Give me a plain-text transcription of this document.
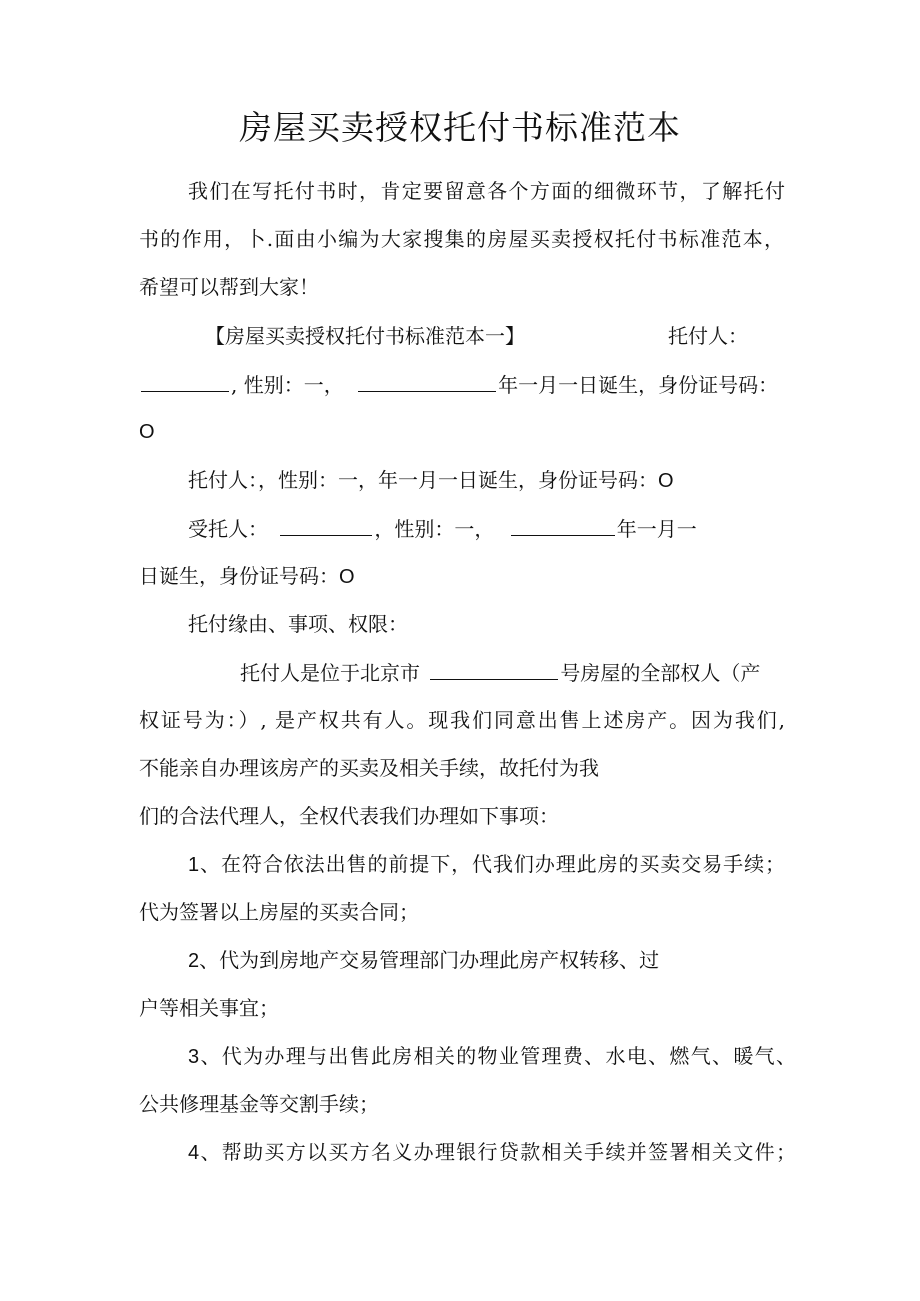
房屋买卖授权托付书标准范本
我们在写托付书时，肯定要留意各个方面的细微环节，了解托付
书的作用，卜.面由小编为大家搜集的房屋买卖授权托付书标准范本，
希望可以帮到大家！
【房屋买卖授权托付书标准范本一】	托付人：
, 性别：一，	年一月一日诞生，身份证号码：
O
托付人：，性别：一，年一月一日诞生，身份证号码：O
受托人：	，性别：一，	年一月一
日诞生，身份证号码：O
托付缘由、事项、权限：
托付人是位于北京市	号房屋的全部权人（产
权证号为：）, 是产权共有人。现我们同意出售上述房产。因为我们,
不能亲自办理该房产的买卖及相关手续，故托付为我
们的合法代理人，全权代表我们办理如下事项：
1、在符合依法出售的前提下，代我们办理此房的买卖交易手续；
代为签署以上房屋的买卖合同；
2、代为到房地产交易管理部门办理此房产权转移、过
户等相关事宜；
3、代为办理与出售此房相关的物业管理费、水电、燃气、暖气、
公共修理基金等交割手续；
4、帮助买方以买方名义办理银行贷款相关手续并签署相关文件；
